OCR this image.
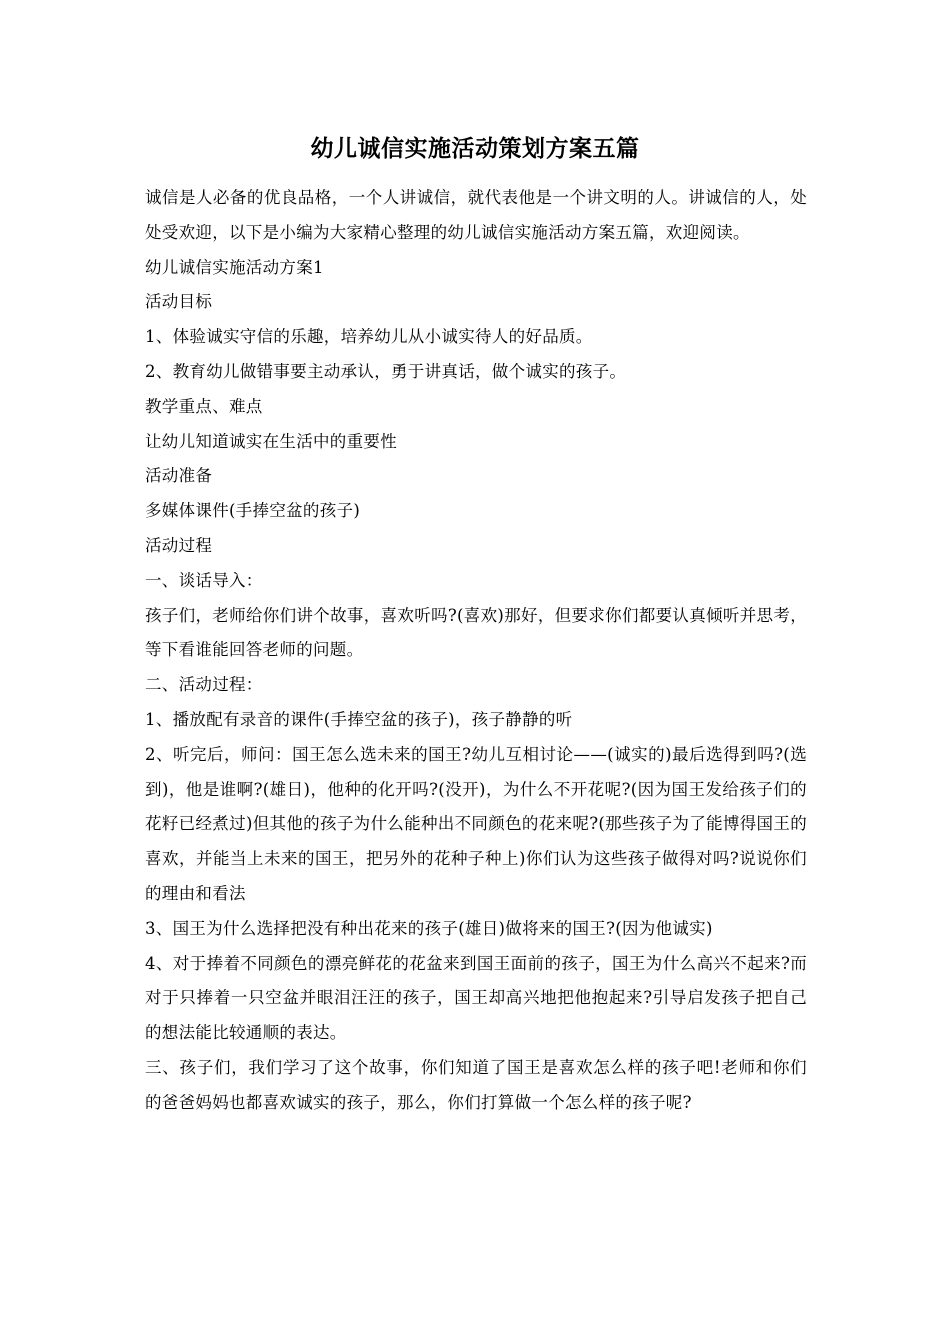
幼儿诚信实施活动策划方案五篇

诚信是人必备的优良品格，一个人讲诚信，就代表他是一个讲文明的人。讲诚信的人，处处受欢迎，以下是小编为大家精心整理的幼儿诚信实施活动方案五篇，欢迎阅读。

幼儿诚信实施活动方案1

活动目标

1、体验诚实守信的乐趣，培养幼儿从小诚实待人的好品质。

2、教育幼儿做错事要主动承认，勇于讲真话，做个诚实的孩子。

教学重点、难点

让幼儿知道诚实在生活中的重要性

活动准备

多媒体课件(手捧空盆的孩子)

活动过程

一、谈话导入：

孩子们，老师给你们讲个故事，喜欢听吗?(喜欢)那好，但要求你们都要认真倾听并思考，等下看谁能回答老师的问题。

二、活动过程：

1、播放配有录音的课件(手捧空盆的孩子)，孩子静静的听

2、听完后，师问：国王怎么选未来的国王?幼儿互相讨论——(诚实的)最后选得到吗?(选到)，他是谁啊?(雄日)，他种的化开吗?(没开)，为什么不开花呢?(因为国王发给孩子们的花籽已经煮过)但其他的孩子为什么能种出不同颜色的花来呢?(那些孩子为了能博得国王的喜欢，并能当上未来的国王，把另外的花种子种上)你们认为这些孩子做得对吗?说说你们的理由和看法

3、国王为什么选择把没有种出花来的孩子(雄日)做将来的国王?(因为他诚实)

4、对于捧着不同颜色的漂亮鲜花的花盆来到国王面前的孩子，国王为什么高兴不起来?而对于只捧着一只空盆并眼泪汪汪的孩子，国王却高兴地把他抱起来?引导启发孩子把自己的想法能比较通顺的表达。

三、孩子们，我们学习了这个故事，你们知道了国王是喜欢怎么样的孩子吧!老师和你们的爸爸妈妈也都喜欢诚实的孩子，那么，你们打算做一个怎么样的孩子呢?
